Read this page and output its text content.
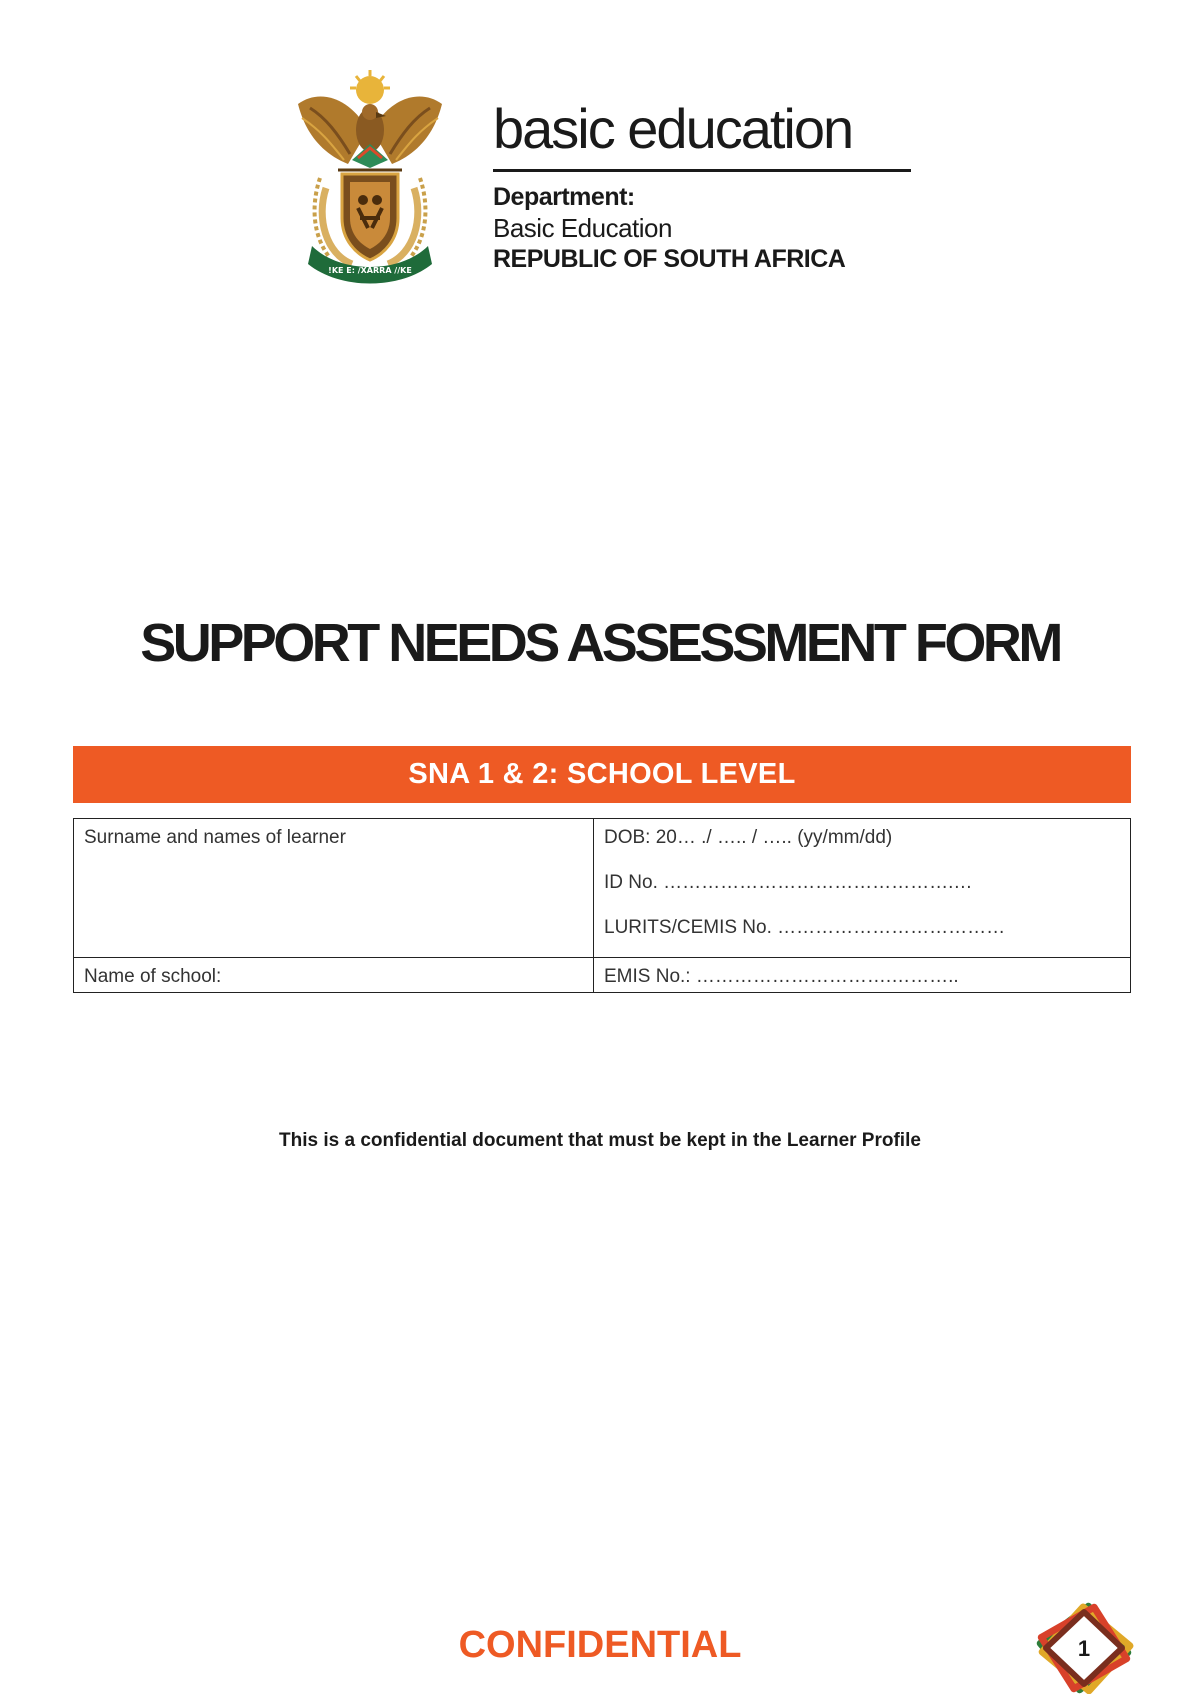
!KE E: /XARRA //KE
basic education
Department:
Basic Education
REPUBLIC OF SOUTH AFRICA
SUPPORT NEEDS ASSESSMENT FORM
SNA 1 & 2: SCHOOL LEVEL
Surname and names of learner	DOB: 20… ./ ….. / ….. (yy/mm/dd)
ID No. ……………………………………….…
LURITS/CEMIS No. ………………………………

Name of school:	EMIS No.: ………………………….………..
This is a confidential document that must be kept in the Learner Profile
CONFIDENTIAL	1
